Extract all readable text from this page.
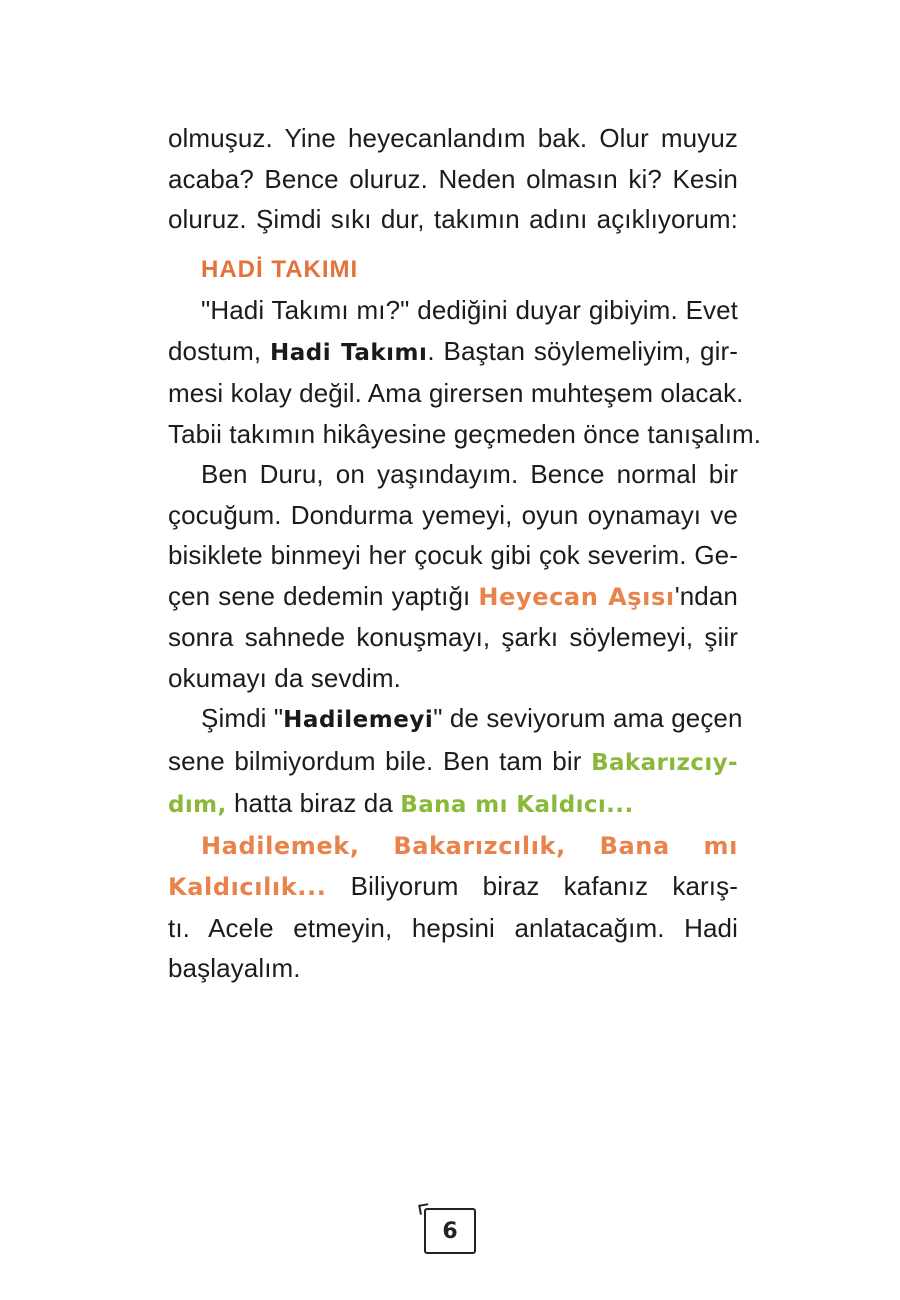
olmuşuz. Yine heyecanlandım bak. Olur muyuz
acaba? Bence oluruz. Neden olmasın ki? Kesin
oluruz. Şimdi sıkı dur, takımın adını açıklıyorum:
HADİ TAKIMI
"Hadi Takımı mı?" dediğini duyar gibiyim. Evet
dostum, Hadi Takımı. Baştan söylemeliyim, gir-
mesi kolay değil. Ama girersen muhteşem olacak.
Tabii takımın hikâyesine geçmeden önce tanışalım.
Ben Duru, on yaşındayım. Bence normal bir
çocuğum. Dondurma yemeyi, oyun oynamayı ve
bisiklete binmeyi her çocuk gibi çok severim. Ge-
çen sene dedemin yaptığı Heyecan Aşısı'ndan
sonra sahnede konuşmayı, şarkı söylemeyi, şiir
okumayı da sevdim.
Şimdi "Hadilemeyi" de seviyorum ama geçen
sene bilmiyordum bile. Ben tam bir Bakarızcıy-
dım, hatta biraz da Bana mı Kaldıcı...
Hadilemek, Bakarızcılık, Bana mı
Kaldıcılık... Biliyorum biraz kafanız karış-
tı. Acele etmeyin, hepsini anlatacağım. Hadi
başlayalım.
6
